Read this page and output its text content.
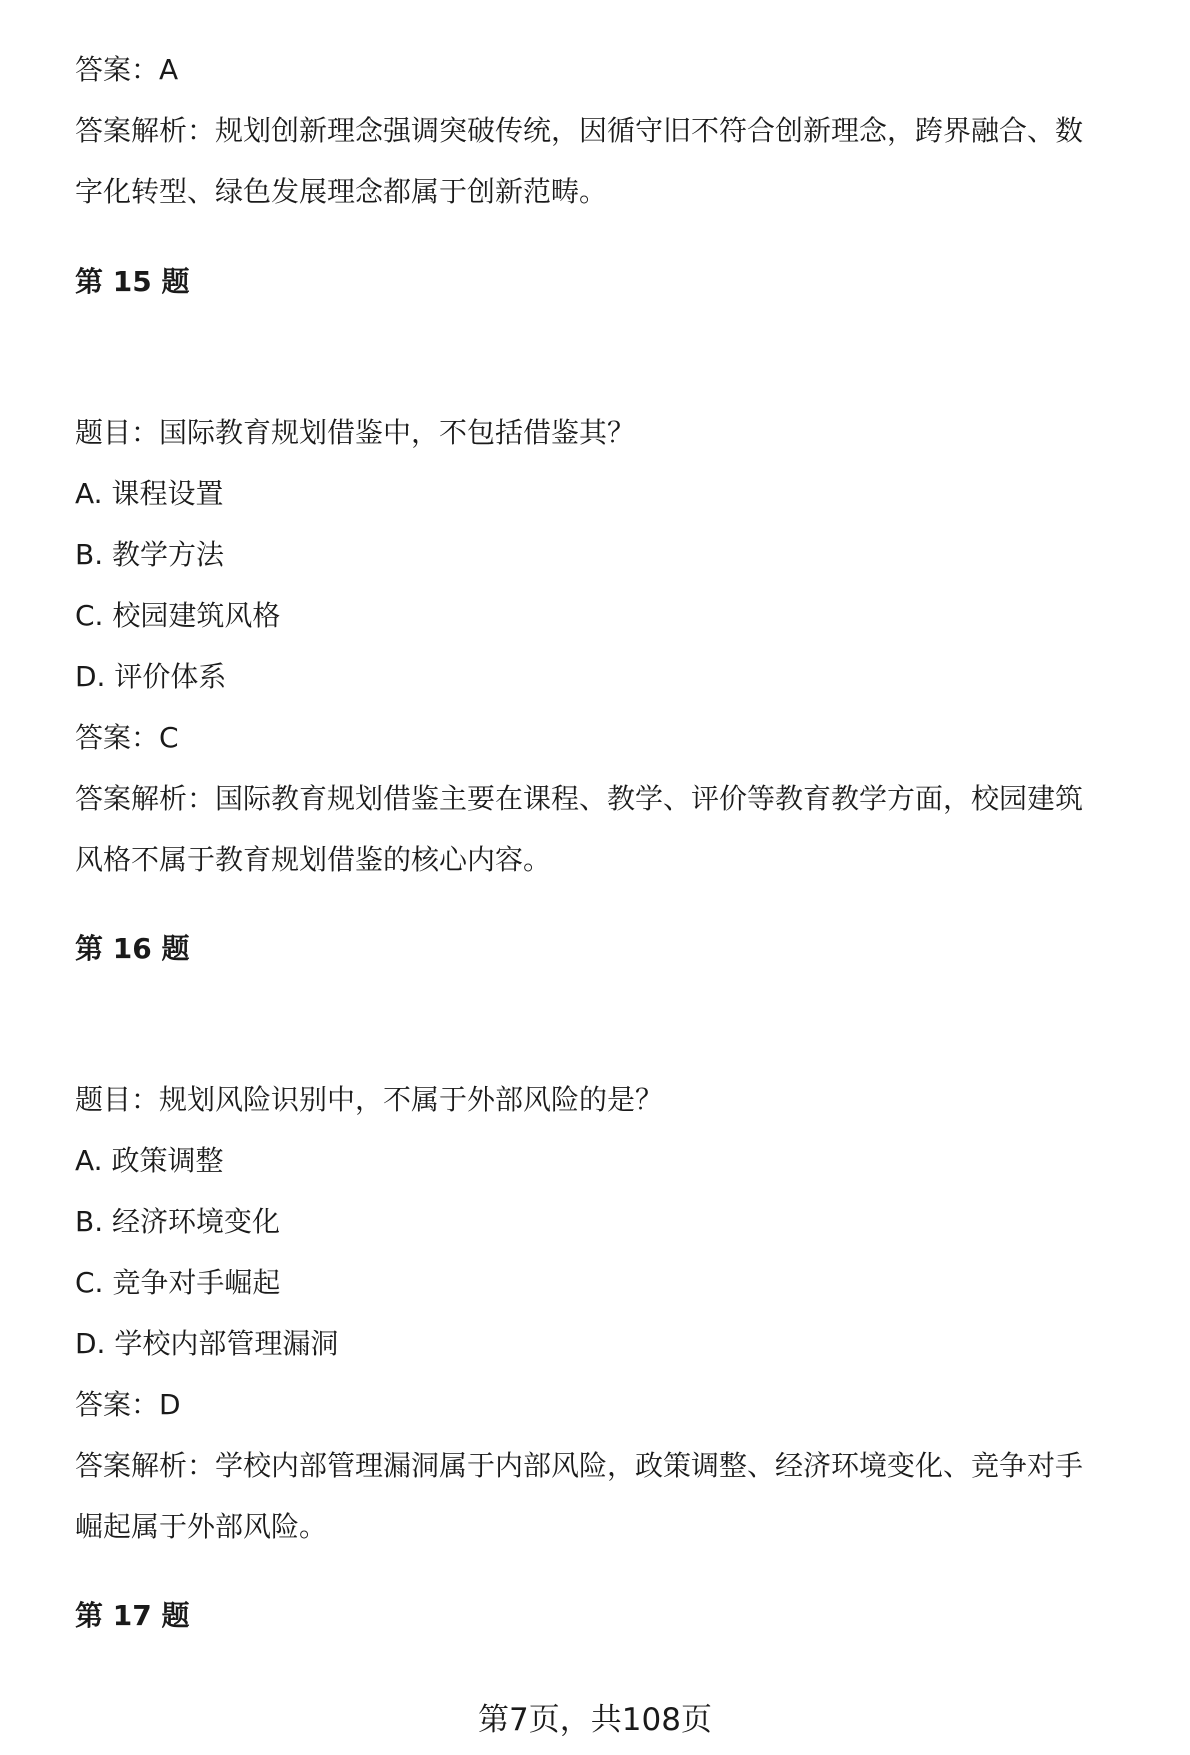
答案：A
答案解析：规划创新理念强调突破传统，因循守旧不符合创新理念，跨界融合、数
字化转型、绿色发展理念都属于创新范畴。
第 15 题
题目：国际教育规划借鉴中，不包括借鉴其？
A. 课程设置
B. 教学方法
C. 校园建筑风格
D. 评价体系
答案：C
答案解析：国际教育规划借鉴主要在课程、教学、评价等教育教学方面，校园建筑
风格不属于教育规划借鉴的核心内容。
第 16 题
题目：规划风险识别中，不属于外部风险的是？
A. 政策调整
B. 经济环境变化
C. 竞争对手崛起
D. 学校内部管理漏洞
答案：D
答案解析：学校内部管理漏洞属于内部风险，政策调整、经济环境变化、竞争对手
崛起属于外部风险。
第 17 题
第7页，共108页
